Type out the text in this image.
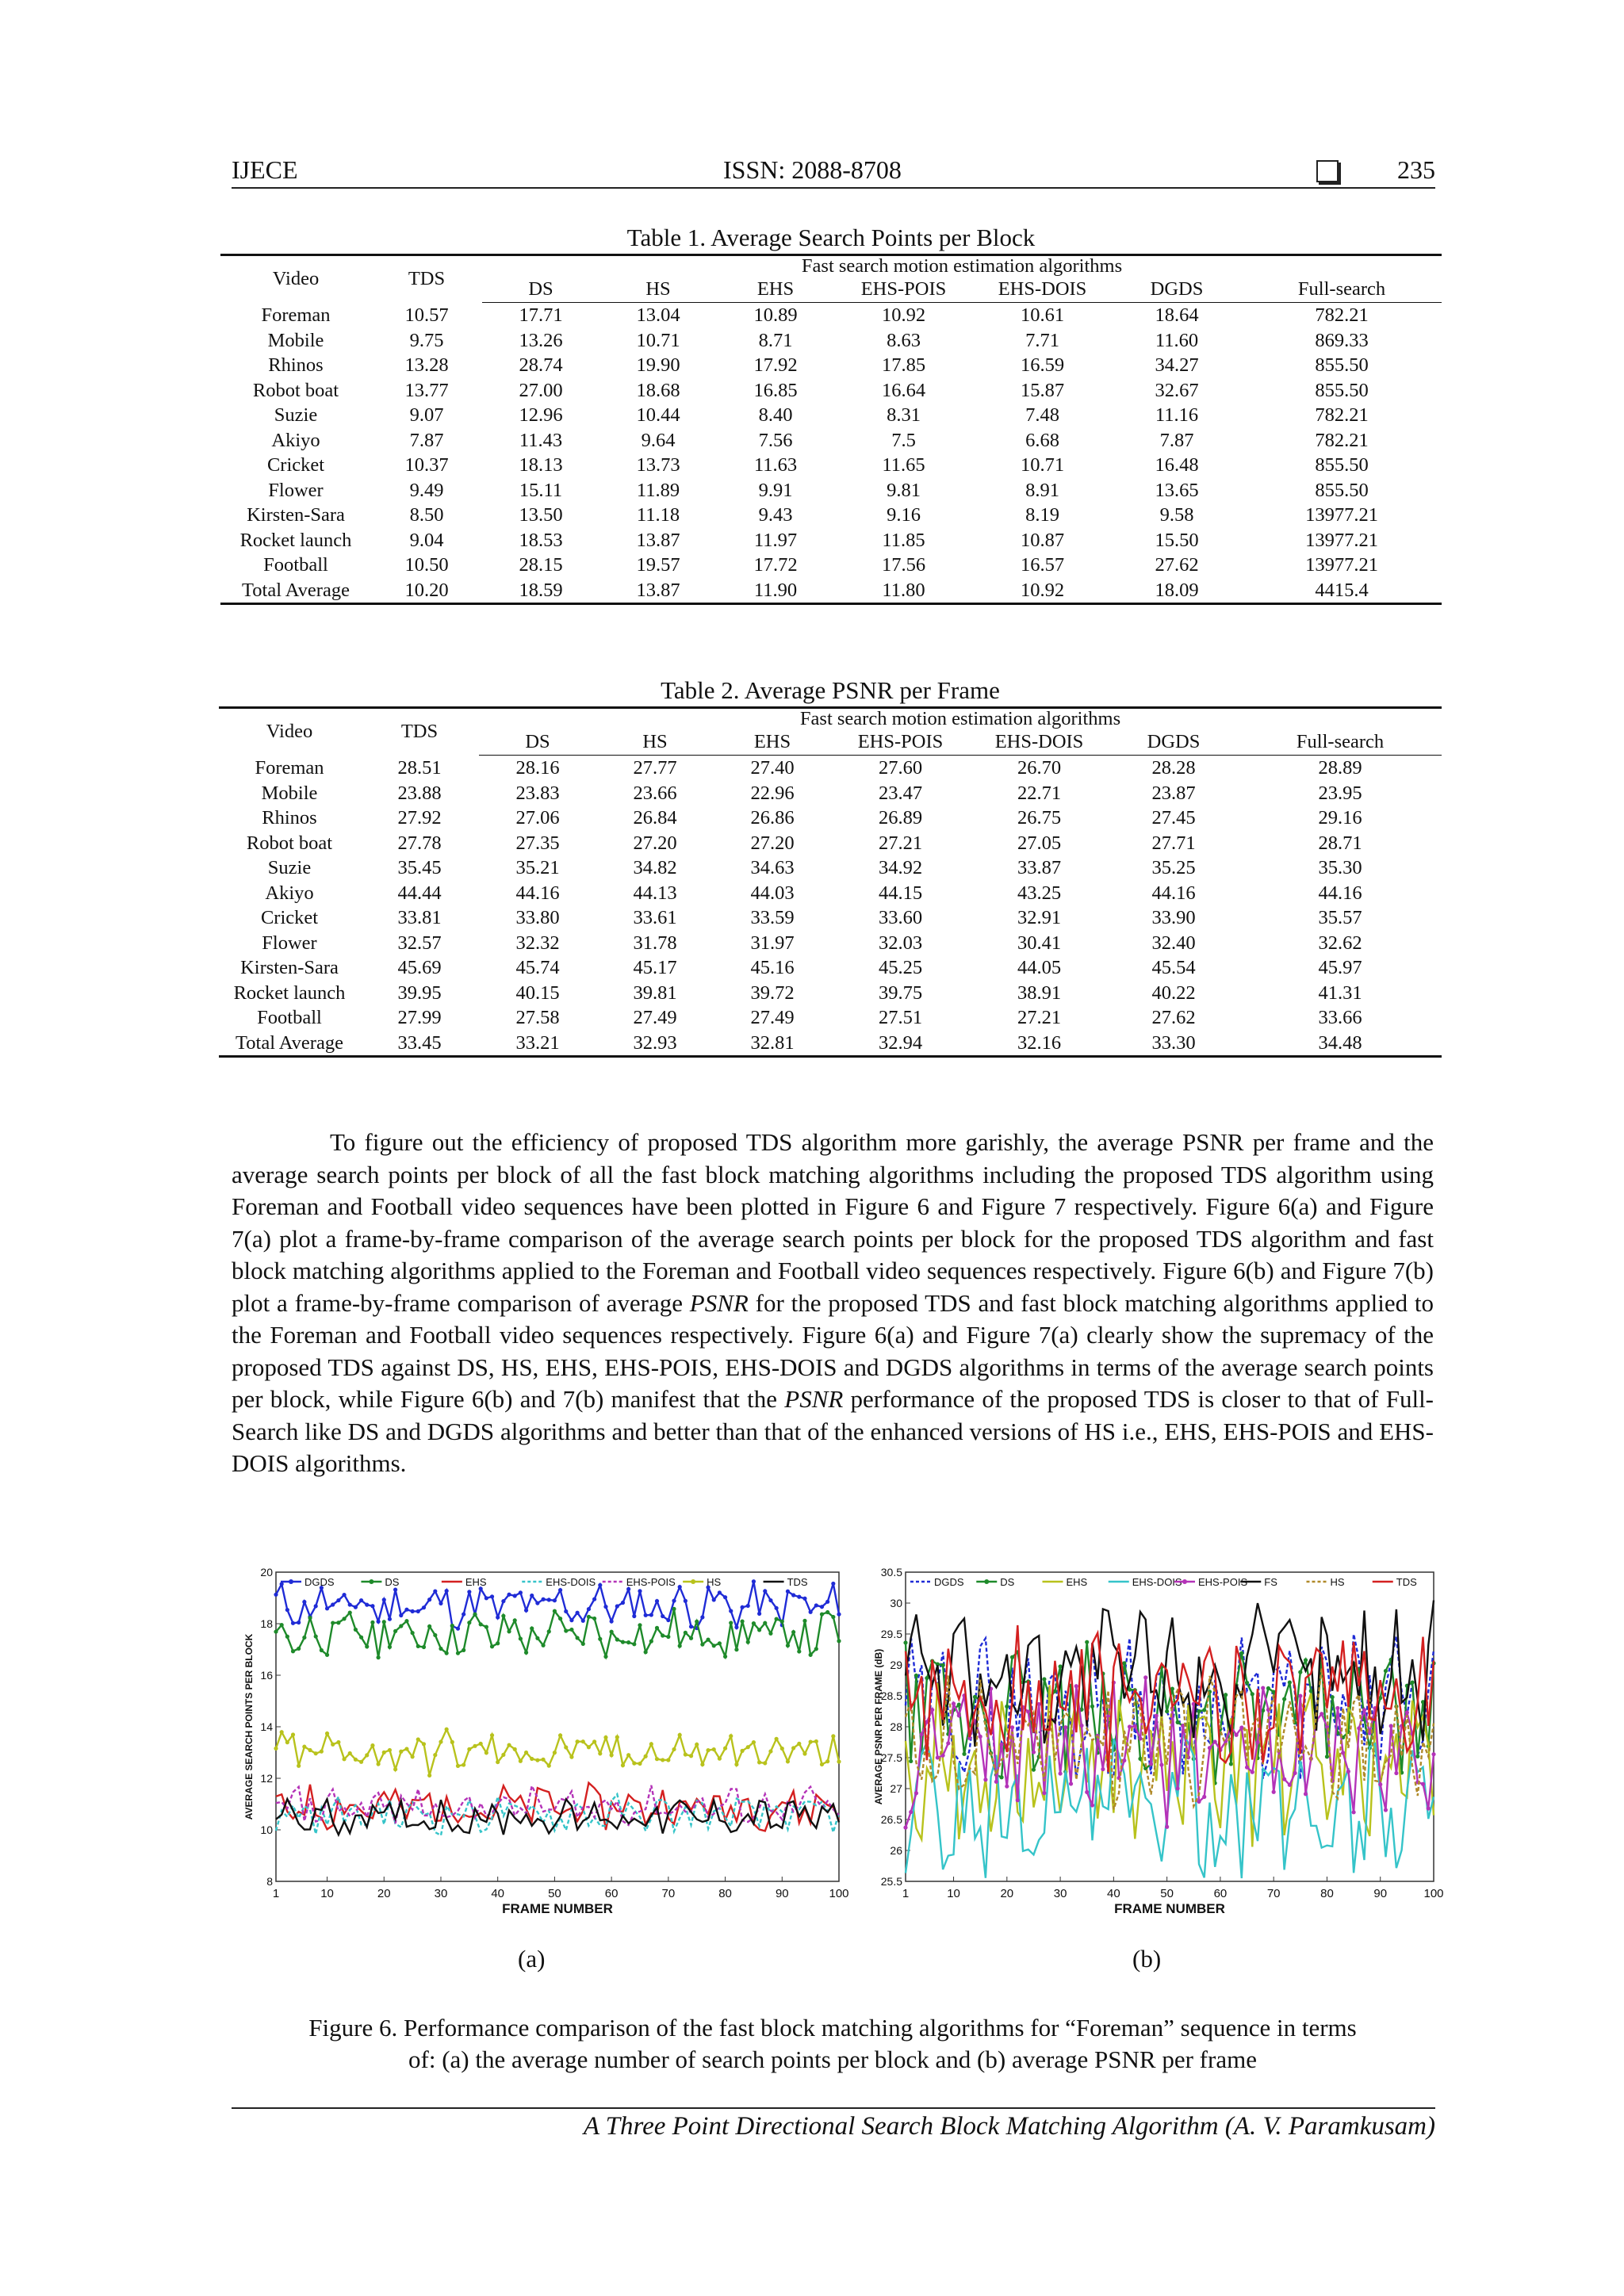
IJECE	ISSN: 2088-8708	235
Table 1. Average Search Points per Block
Video	TDS	Fast search motion estimation algorithms						
		DS	HS	EHS	EHS-POIS	EHS-DOIS	DGDS	Full-search
Foreman	10.57	17.71	13.04	10.89	10.92	10.61	18.64	782.21
Mobile	9.75	13.26	10.71	8.71	8.63	7.71	11.60	869.33
Rhinos	13.28	28.74	19.90	17.92	17.85	16.59	34.27	855.50
Robot boat	13.77	27.00	18.68	16.85	16.64	15.87	32.67	855.50
Suzie	9.07	12.96	10.44	8.40	8.31	7.48	11.16	782.21
Akiyo	7.87	11.43	9.64	7.56	7.5	6.68	7.87	782.21
Cricket	10.37	18.13	13.73	11.63	11.65	10.71	16.48	855.50
Flower	9.49	15.11	11.89	9.91	9.81	8.91	13.65	855.50
Kirsten-Sara	8.50	13.50	11.18	9.43	9.16	8.19	9.58	13977.21
Rocket launch	9.04	18.53	13.87	11.97	11.85	10.87	15.50	13977.21
Football	10.50	28.15	19.57	17.72	17.56	16.57	27.62	13977.21
Total Average	10.20	18.59	13.87	11.90	11.80	10.92	18.09	4415.4
Table 2. Average PSNR per Frame
Video	TDS	Fast search motion estimation algorithms						
		DS	HS	EHS	EHS-POIS	EHS-DOIS	DGDS	Full-search
Foreman	28.51	28.16	27.77	27.40	27.60	26.70	28.28	28.89
Mobile	23.88	23.83	23.66	22.96	23.47	22.71	23.87	23.95
Rhinos	27.92	27.06	26.84	26.86	26.89	26.75	27.45	29.16
Robot boat	27.78	27.35	27.20	27.20	27.21	27.05	27.71	28.71
Suzie	35.45	35.21	34.82	34.63	34.92	33.87	35.25	35.30
Akiyo	44.44	44.16	44.13	44.03	44.15	43.25	44.16	44.16
Cricket	33.81	33.80	33.61	33.59	33.60	32.91	33.90	35.57
Flower	32.57	32.32	31.78	31.97	32.03	30.41	32.40	32.62
Kirsten-Sara	45.69	45.74	45.17	45.16	45.25	44.05	45.54	45.97
Rocket launch	39.95	40.15	39.81	39.72	39.75	38.91	40.22	41.31
Football	27.99	27.58	27.49	27.49	27.51	27.21	27.62	33.66
Total Average	33.45	33.21	32.93	32.81	32.94	32.16	33.30	34.48

To figure out the efficiency of proposed TDS algorithm more garishly, the average PSNR per frame and the average search points per block of all the fast block matching algorithms including the proposed TDS algorithm using Foreman and Football video sequences have been plotted in Figure 6 and Figure 7 respectively. Figure 6(a) and Figure 7(a) plot a frame-by-frame comparison of the average search points per block for the proposed TDS algorithm and fast block matching algorithms applied to the Foreman and Football video sequences respectively. Figure 6(b) and Figure 7(b) plot a frame-by-frame comparison of average PSNR for the proposed TDS and fast block matching algorithms applied to the Foreman and Football video sequences respectively. Figure 6(a) and Figure 7(a) clearly show the supremacy of the proposed TDS against DS, HS, EHS, EHS-POIS, EHS-DOIS and DGDS algorithms in terms of the average search points per block, while Figure 6(b) and 7(b) manifest that the PSNR performance of the proposed TDS is closer to that of Full-Search like DS and DGDS algorithms and better than that of the enhanced versions of HS i.e., EHS, EHS-POIS and EHS-DOIS algorithms.

1	10	20	30	40	50	60	70	80	90	100
8
10
12
14
16
18
20
FRAME NUMBER
AVERAGE SEARCH POINTS PER BLOCK
DGDS	DS	EHS	EHS-DOIS	EHS-POIS	HS	TDS
1	10	20	30	40	50	60	70	80	90	100
25.5
26
26.5
27
27.5
28
28.5
29
29.5
30
30.5
FRAME NUMBER
AVERAGE PSNR PER FRAME (dB)
DGDS	DS	EHS	EHS-DOIS EHS-POIS FS	HS	TDS
(a)	(b)
Figure 6. Performance comparison of the fast block matching algorithms for “Foreman” sequence in terms
of: (a) the average number of search points per block and (b) average PSNR per frame
A Three Point Directional Search Block Matching Algorithm (A. V. Paramkusam)
